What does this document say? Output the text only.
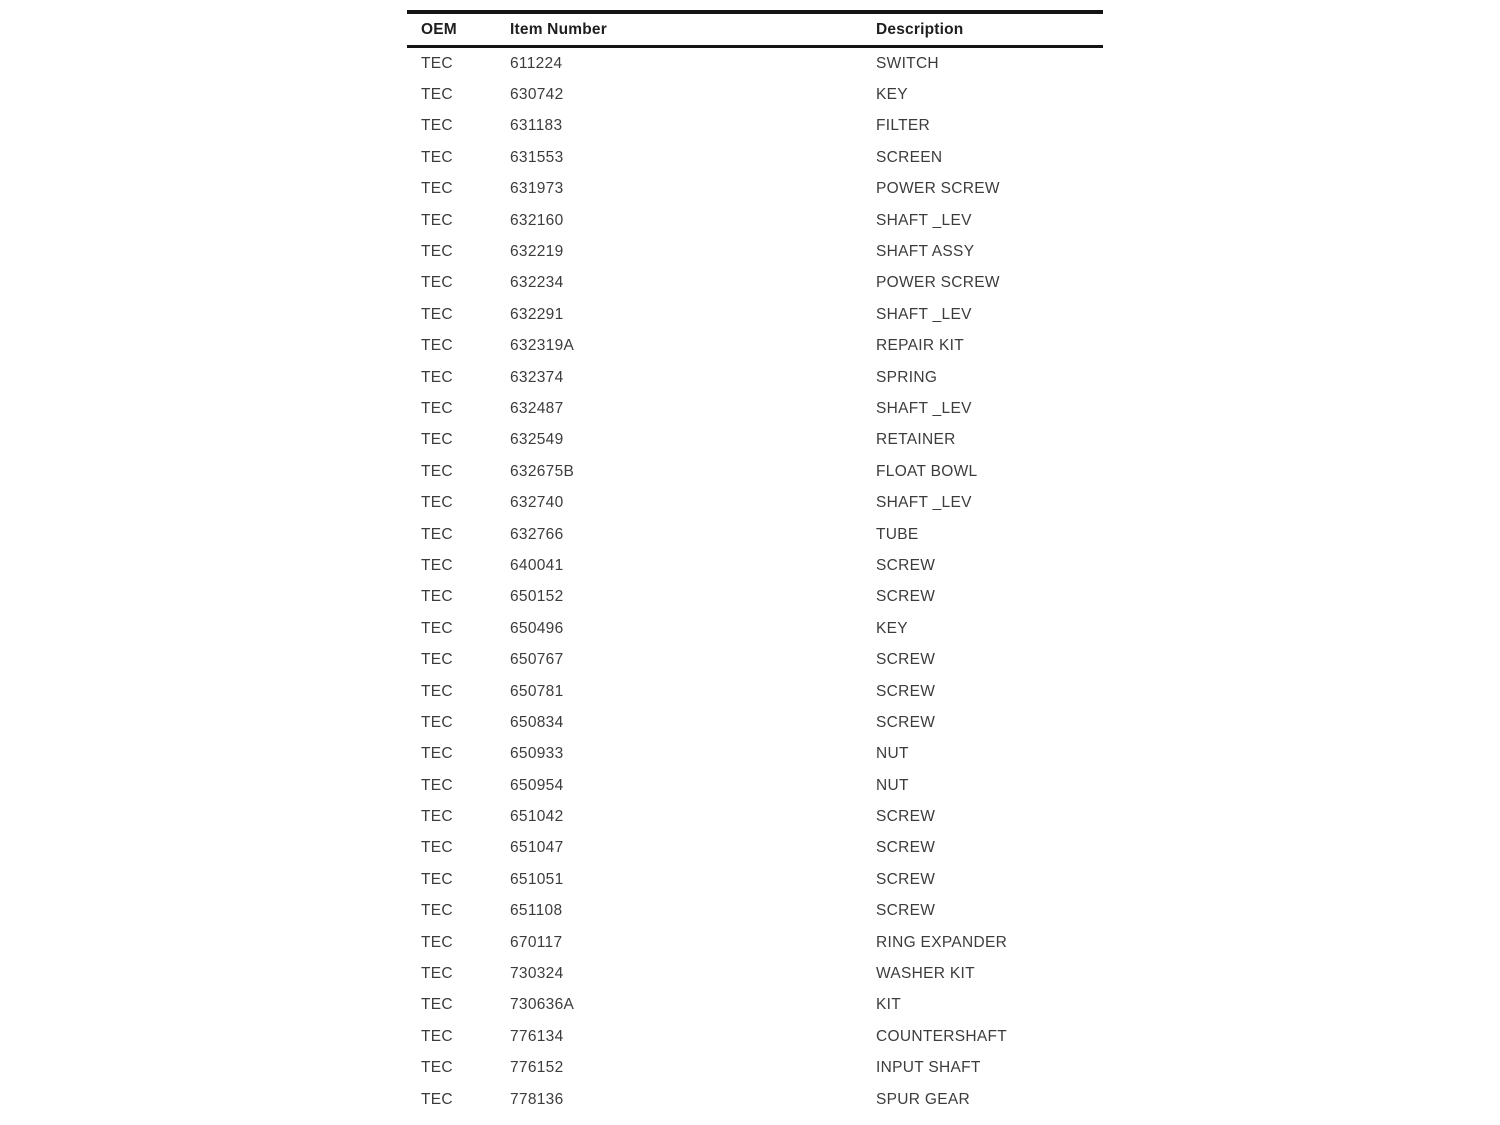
OEM	Item Number	Description
TEC	611224	SWITCH
TEC	630742	KEY
TEC	631183	FILTER
TEC	631553	SCREEN
TEC	631973	POWER SCREW
TEC	632160	SHAFT _LEV
TEC	632219	SHAFT ASSY
TEC	632234	POWER SCREW
TEC	632291	SHAFT _LEV
TEC	632319A	REPAIR KIT
TEC	632374	SPRING
TEC	632487	SHAFT _LEV
TEC	632549	RETAINER
TEC	632675B	FLOAT BOWL
TEC	632740	SHAFT _LEV
TEC	632766	TUBE
TEC	640041	SCREW
TEC	650152	SCREW
TEC	650496	KEY
TEC	650767	SCREW
TEC	650781	SCREW
TEC	650834	SCREW
TEC	650933	NUT
TEC	650954	NUT
TEC	651042	SCREW
TEC	651047	SCREW
TEC	651051	SCREW
TEC	651108	SCREW
TEC	670117	RING EXPANDER
TEC	730324	WASHER KIT
TEC	730636A	KIT
TEC	776134	COUNTERSHAFT
TEC	776152	INPUT SHAFT
TEC	778136	SPUR GEAR
